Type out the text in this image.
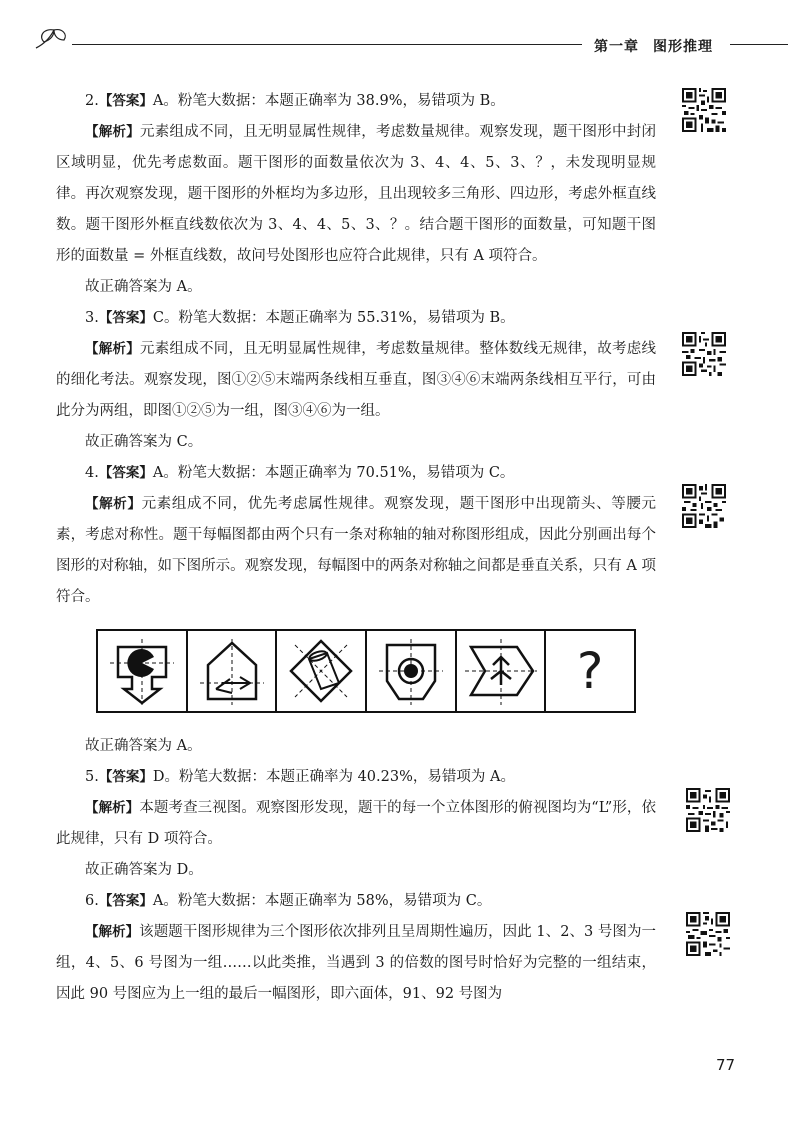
第一章 图形推理

2.【答案】A。粉笔大数据：本题正确率为 38.9%，易错项为 B。

【解析】元素组成不同，且无明显属性规律，考虑数量规律。观察发现，题干图形中封闭区域明显，优先考虑数面。题干图形的面数量依次为 3、4、4、5、3、？，未发现明显规律。再次观察发现，题干图形的外框均为多边形，且出现较多三角形、四边形，考虑外框直线数。题干图形外框直线数依次为 3、4、4、5、3、？。结合题干图形的面数量，可知题干图形的面数量 = 外框直线数，故问号处图形也应符合此规律，只有 A 项符合。

故正确答案为 A。

3.【答案】C。粉笔大数据：本题正确率为 55.31%，易错项为 B。

【解析】元素组成不同，且无明显属性规律，考虑数量规律。整体数线无规律，故考虑线的细化考法。观察发现，图①②⑤末端两条线相互垂直，图③④⑥末端两条线相互平行，可由此分为两组，即图①②⑤为一组，图③④⑥为一组。

故正确答案为 C。

4.【答案】A。粉笔大数据：本题正确率为 70.51%，易错项为 C。

【解析】元素组成不同，优先考虑属性规律。观察发现，题干图形中出现箭头、等腰元素，考虑对称性。题干每幅图都由两个只有一条对称轴的轴对称图形组成，因此分别画出每个图形的对称轴，如下图所示。观察发现，每幅图中的两条对称轴之间都是垂直关系，只有 A 项符合。

?

故正确答案为 A。

5.【答案】D。粉笔大数据：本题正确率为 40.23%，易错项为 A。

【解析】本题考查三视图。观察图形发现，题干的每一个立体图形的俯视图均为“L”形，依此规律，只有 D 项符合。

故正确答案为 D。

6.【答案】A。粉笔大数据：本题正确率为 58%，易错项为 C。

【解析】该题题干图形规律为三个图形依次排列且呈周期性遍历，因此 1、2、3 号图为一组，4、5、6 号图为一组……以此类推，当遇到 3 的倍数的图号时恰好为完整的一组结束，因此 90 号图应为上一组的最后一幅图形，即六面体，91、92 号图为

77
